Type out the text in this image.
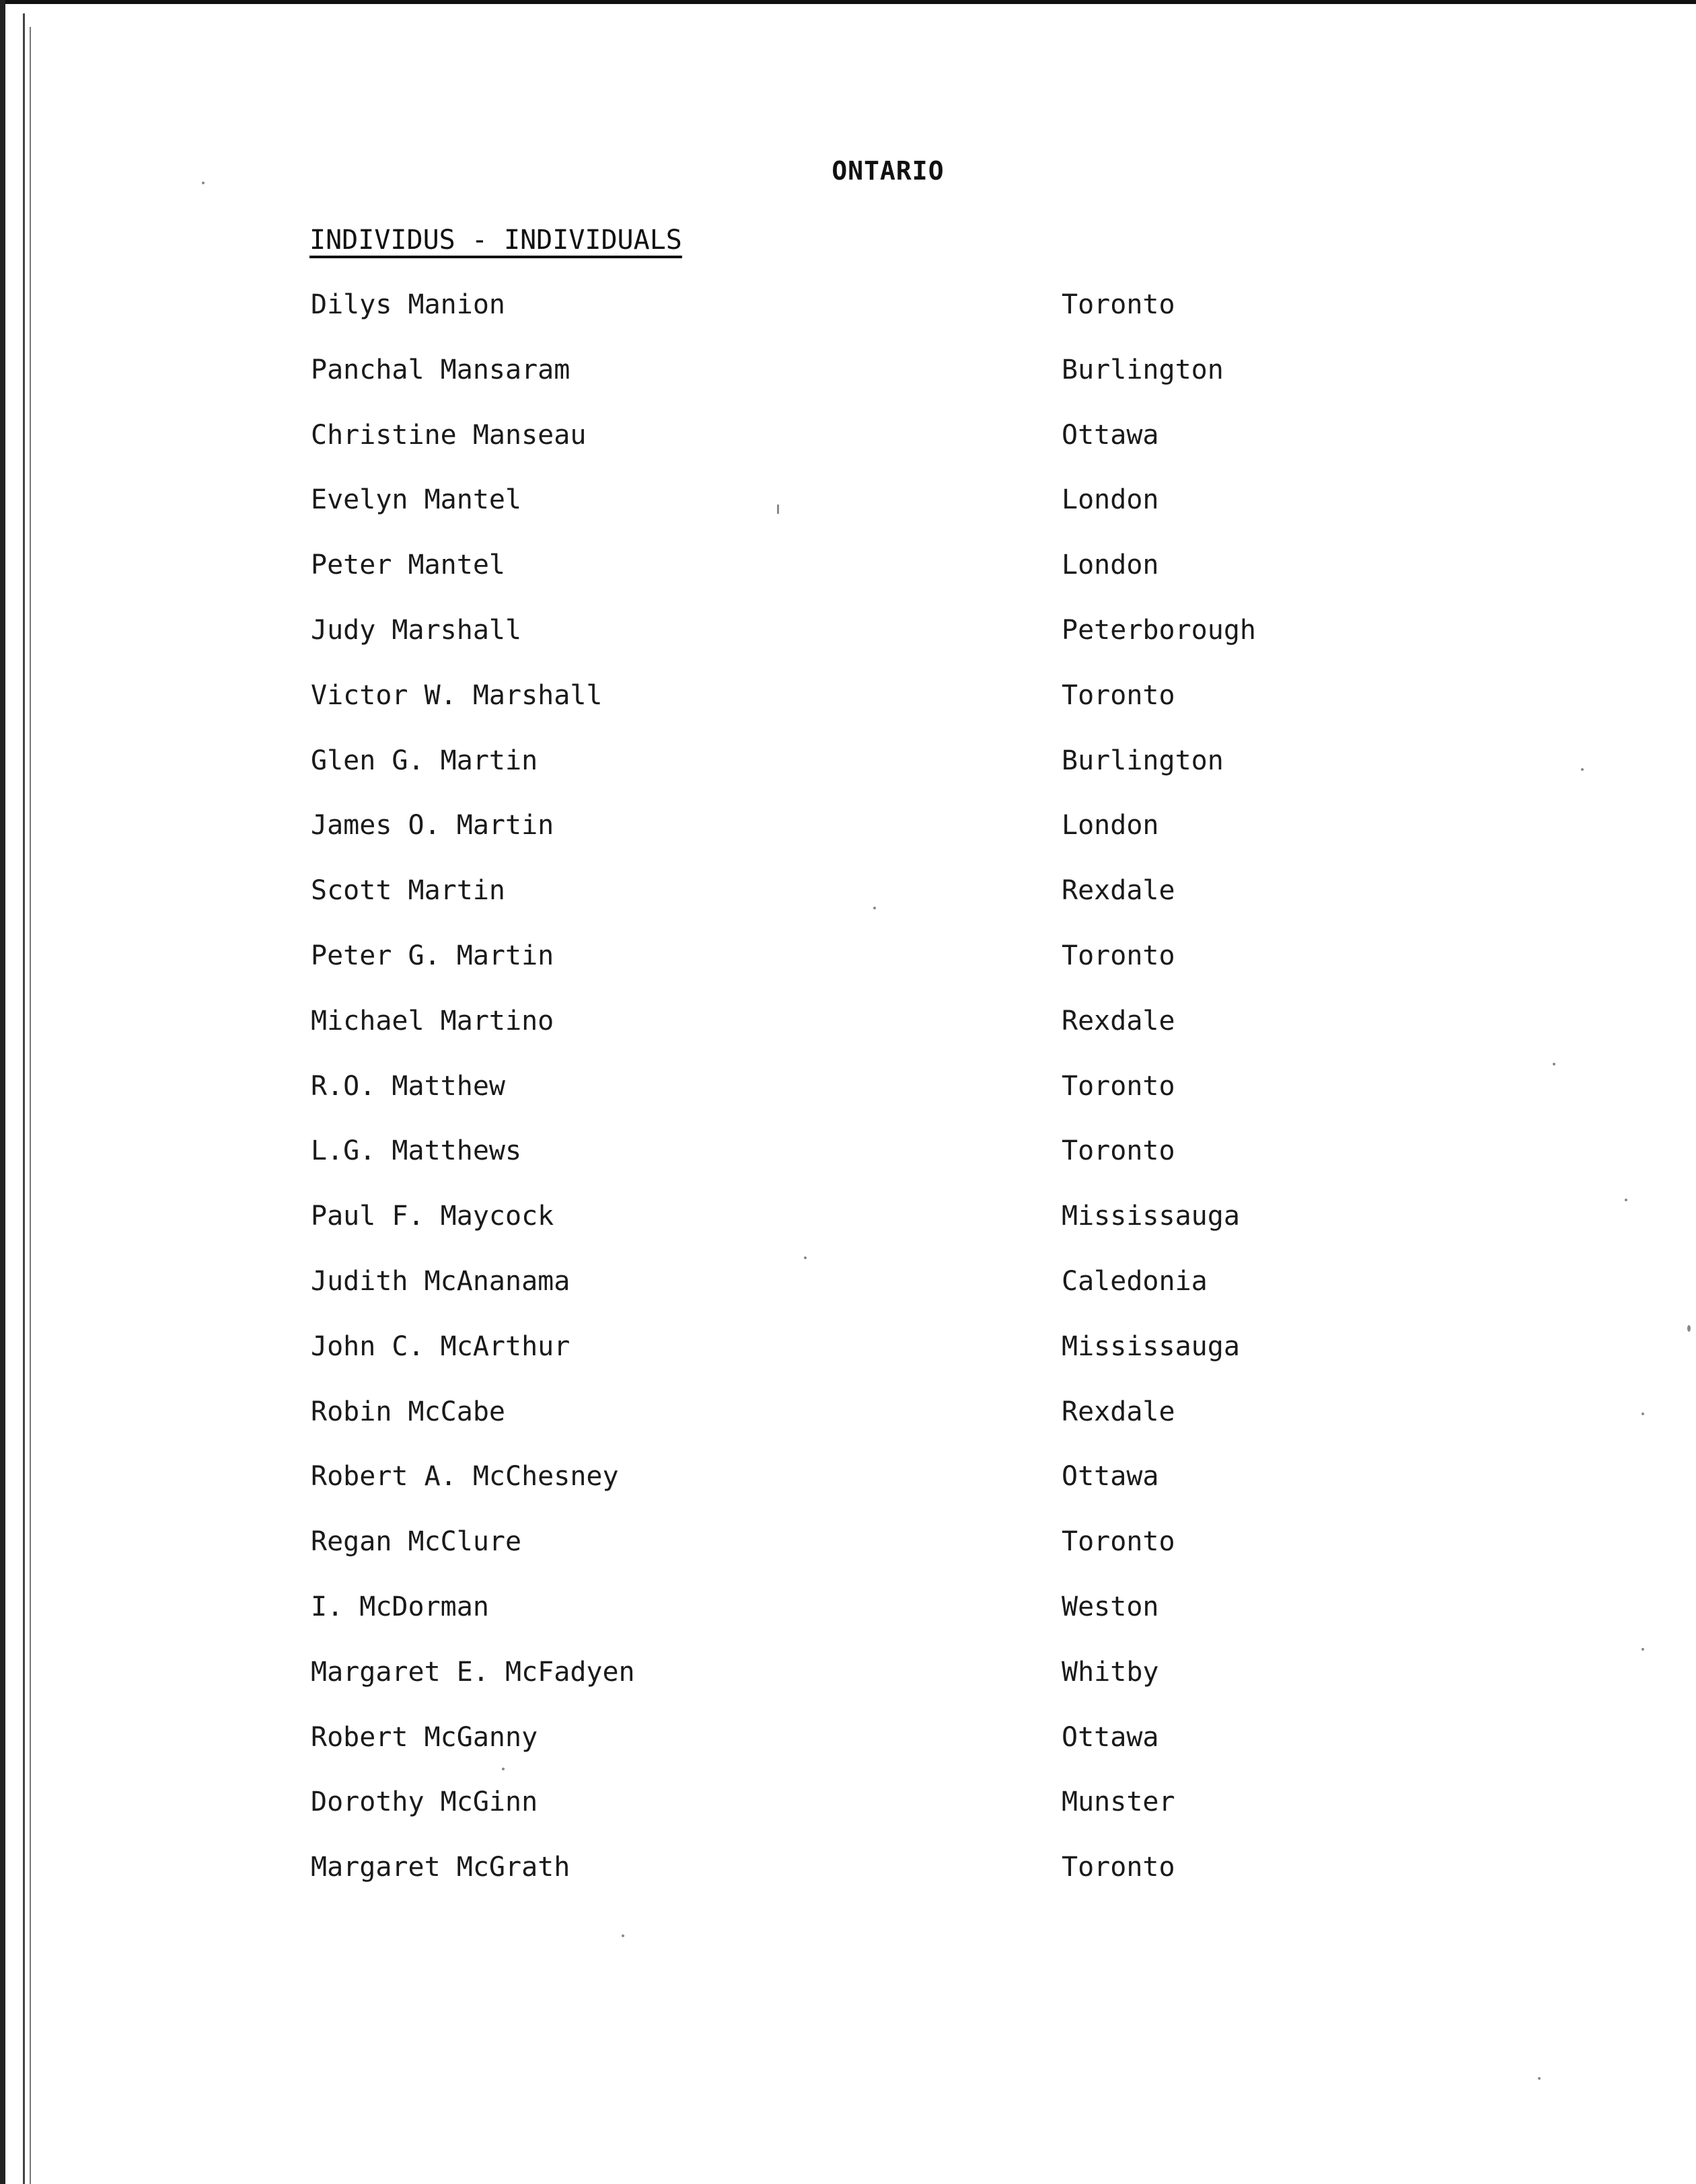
ONTARIO
INDIVIDUS - INDIVIDUALS
Dilys Manion	Toronto
Panchal Mansaram	Burlington
Christine Manseau	Ottawa
Evelyn Mantel	London
Peter Mantel	London
Judy Marshall	Peterborough
Victor W. Marshall	Toronto
Glen G. Martin	Burlington
James O. Martin	London
Scott Martin	Rexdale
Peter G. Martin	Toronto
Michael Martino	Rexdale
R.O. Matthew	Toronto
L.G. Matthews	Toronto
Paul F. Maycock	Mississauga
Judith McAnanama	Caledonia
John C. McArthur	Mississauga
Robin McCabe	Rexdale
Robert A. McChesney	Ottawa
Regan McClure	Toronto
I. McDorman	Weston
Margaret E. McFadyen	Whitby
Robert McGanny	Ottawa
Dorothy McGinn	Munster
Margaret McGrath	Toronto
